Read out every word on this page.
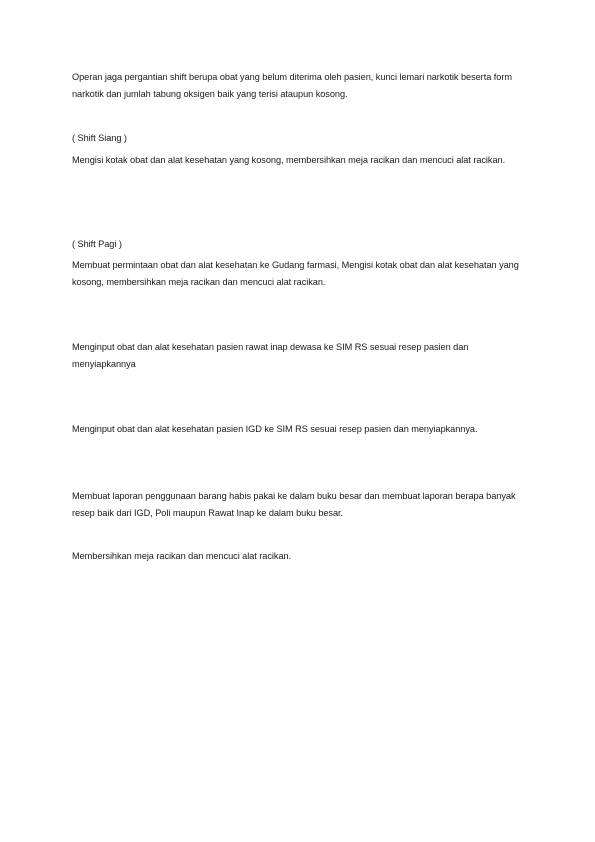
Operan jaga pergantian shift berupa obat yang belum diterima oleh pasien, kunci lemari narkotik beserta form narkotik dan jumlah tabung oksigen baik yang terisi ataupun kosong.

( Shift Siang )

Mengisi kotak obat dan alat kesehatan yang kosong, membersihkan meja racikan dan mencuci alat racikan.

( Shift Pagi )

Membuat permintaan obat dan alat kesehatan ke Gudang farmasi, Mengisi kotak obat dan alat kesehatan yang kosong, membersihkan meja racikan dan mencuci alat racikan.

Menginput obat dan alat kesehatan pasien rawat inap dewasa ke SIM RS sesuai resep pasien dan menyiapkannya

Menginput obat dan alat kesehatan pasien IGD ke SIM RS sesuai resep pasien dan menyiapkannya.

Membuat laporan penggunaan barang habis pakai ke dalam buku besar dan membuat laporan berapa banyak resep baik dari IGD, Poli maupun Rawat Inap ke dalam buku besar.

Membersihkan meja racikan dan mencuci alat racikan.
